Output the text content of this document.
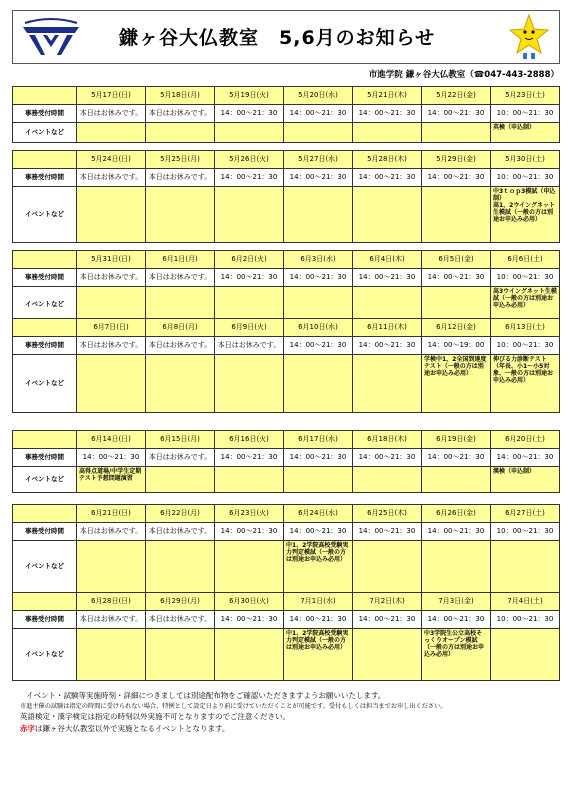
鎌ヶ谷大仏教室　5,6月のお知らせ
市進学院 鎌ヶ谷大仏教室（☎047-443-2888）
	5月17日(日)	5月18日(月)	5月19日(火)	5月20日(水)	5月21日(木)	5月22日(金)	5月23日(土)
事務受付時間	本日はお休みです。	本日はお休みです。	14：00～21：30	14：00～21：30	14：00～21：30	14：00～21：30	10：00～21：30
イベントなど							英検（申込制）
	5月24日(日)	5月25日(月)	5月26日(火)	5月27日(水)	5月28日(木)	5月29日(金)	5月30日(土)
事務受付時間	本日はお休みです。	本日はお休みです。	14：00～21：30	14：00～21：30	14：00～21：30	14：00～21：30	10：00～21：30
イベントなど							中3ｔｏｐ3模試（申込制）
高1、2ウイングネット生模試（一般の方は別途お申込み必用）
	5月31日(日)	6月1日(月)	6月2日(火)	6月3日(水)	6月4日(木)	6月5日(金)	6月6日(土)
事務受付時間	本日はお休みです。	本日はお休みです。	14：00～21：30	14：00～21：30	14：00～21：30	14：00～21：30	10：00～21：30
イベントなど							高3ウイングネット生模試（一般の方は別途お申込み必用）
	6月7日(日)	6月8日(月)	6月9日(火)	6月10日(水)	6月11日(木)	6月12日(金)	6月13日(土)
事務受付時間	本日はお休みです。	本日はお休みです。	本日はお休みです。	14：00～21：30	14：00～21：30	14：00～19：00	10：00～21：30
イベントなど						学検中1、2全国到達度テスト（一般の方は別途お申込み必用）	伸びる力診断テスト（年長、小1～小5対象、一般の方は別途お申込み必用）
	6月14日(日)	6月15日(月)	6月16日(火)	6月17日(水)	6月18日(木)	6月19日(金)	6月20日(土)
事務受付時間	14：00～21：30	本日はお休みです。	14：00～21：30	14：00～21：30	14：00～21：30	14：00～21：30	14：00～21：30
イベントなど	高得点道場/中学生定期テスト予想問題演習						漢検（申込制）
	6月21日(日)	6月22日(月)	6月23日(火)	6月24日(水)	6月25日(木)	6月26日(金)	6月27日(土)
事務受付時間	本日はお休みです。	本日はお休みです。	14：00～21：30	14：00～21：30	14：00～21：30	14：00～21：30	10：00～21：30
イベントなど				中1、2学院高校受験実力判定模試（一般の方は別途お申込み必用）			
	6月28日(日)	6月29日(月)	6月30日(火)	7月1日(水)	7月2日(木)	7月3日(金)	7月4日(土)
事務受付時間	本日はお休みです。	本日はお休みです。	14：00～21：30	14：00～21：30	14：00～21：30	14：00～21：30	10：00～21：30
イベントなど				中1、2学院高校受験実力判定模試（一般の方は別途お申込み必用）		中3学院生公立高校そっくりオープン模試（一般の方は別途お申込み必用）	
イベント・試験等実施時刻・詳細につきましては別途配布物をご確認いただきますようお願いいたします。
市進主催の試験は指定の時間に受けられない場合、特例として設定日より前に受けていただくことが可能です。受付もしくは担当までお申し出ください。
英語検定・漢字検定は指定の時刻以外実施不可となりますのでご注意ください。
赤字は鎌ヶ谷大仏教室以外で実施となるイベントとなります。
